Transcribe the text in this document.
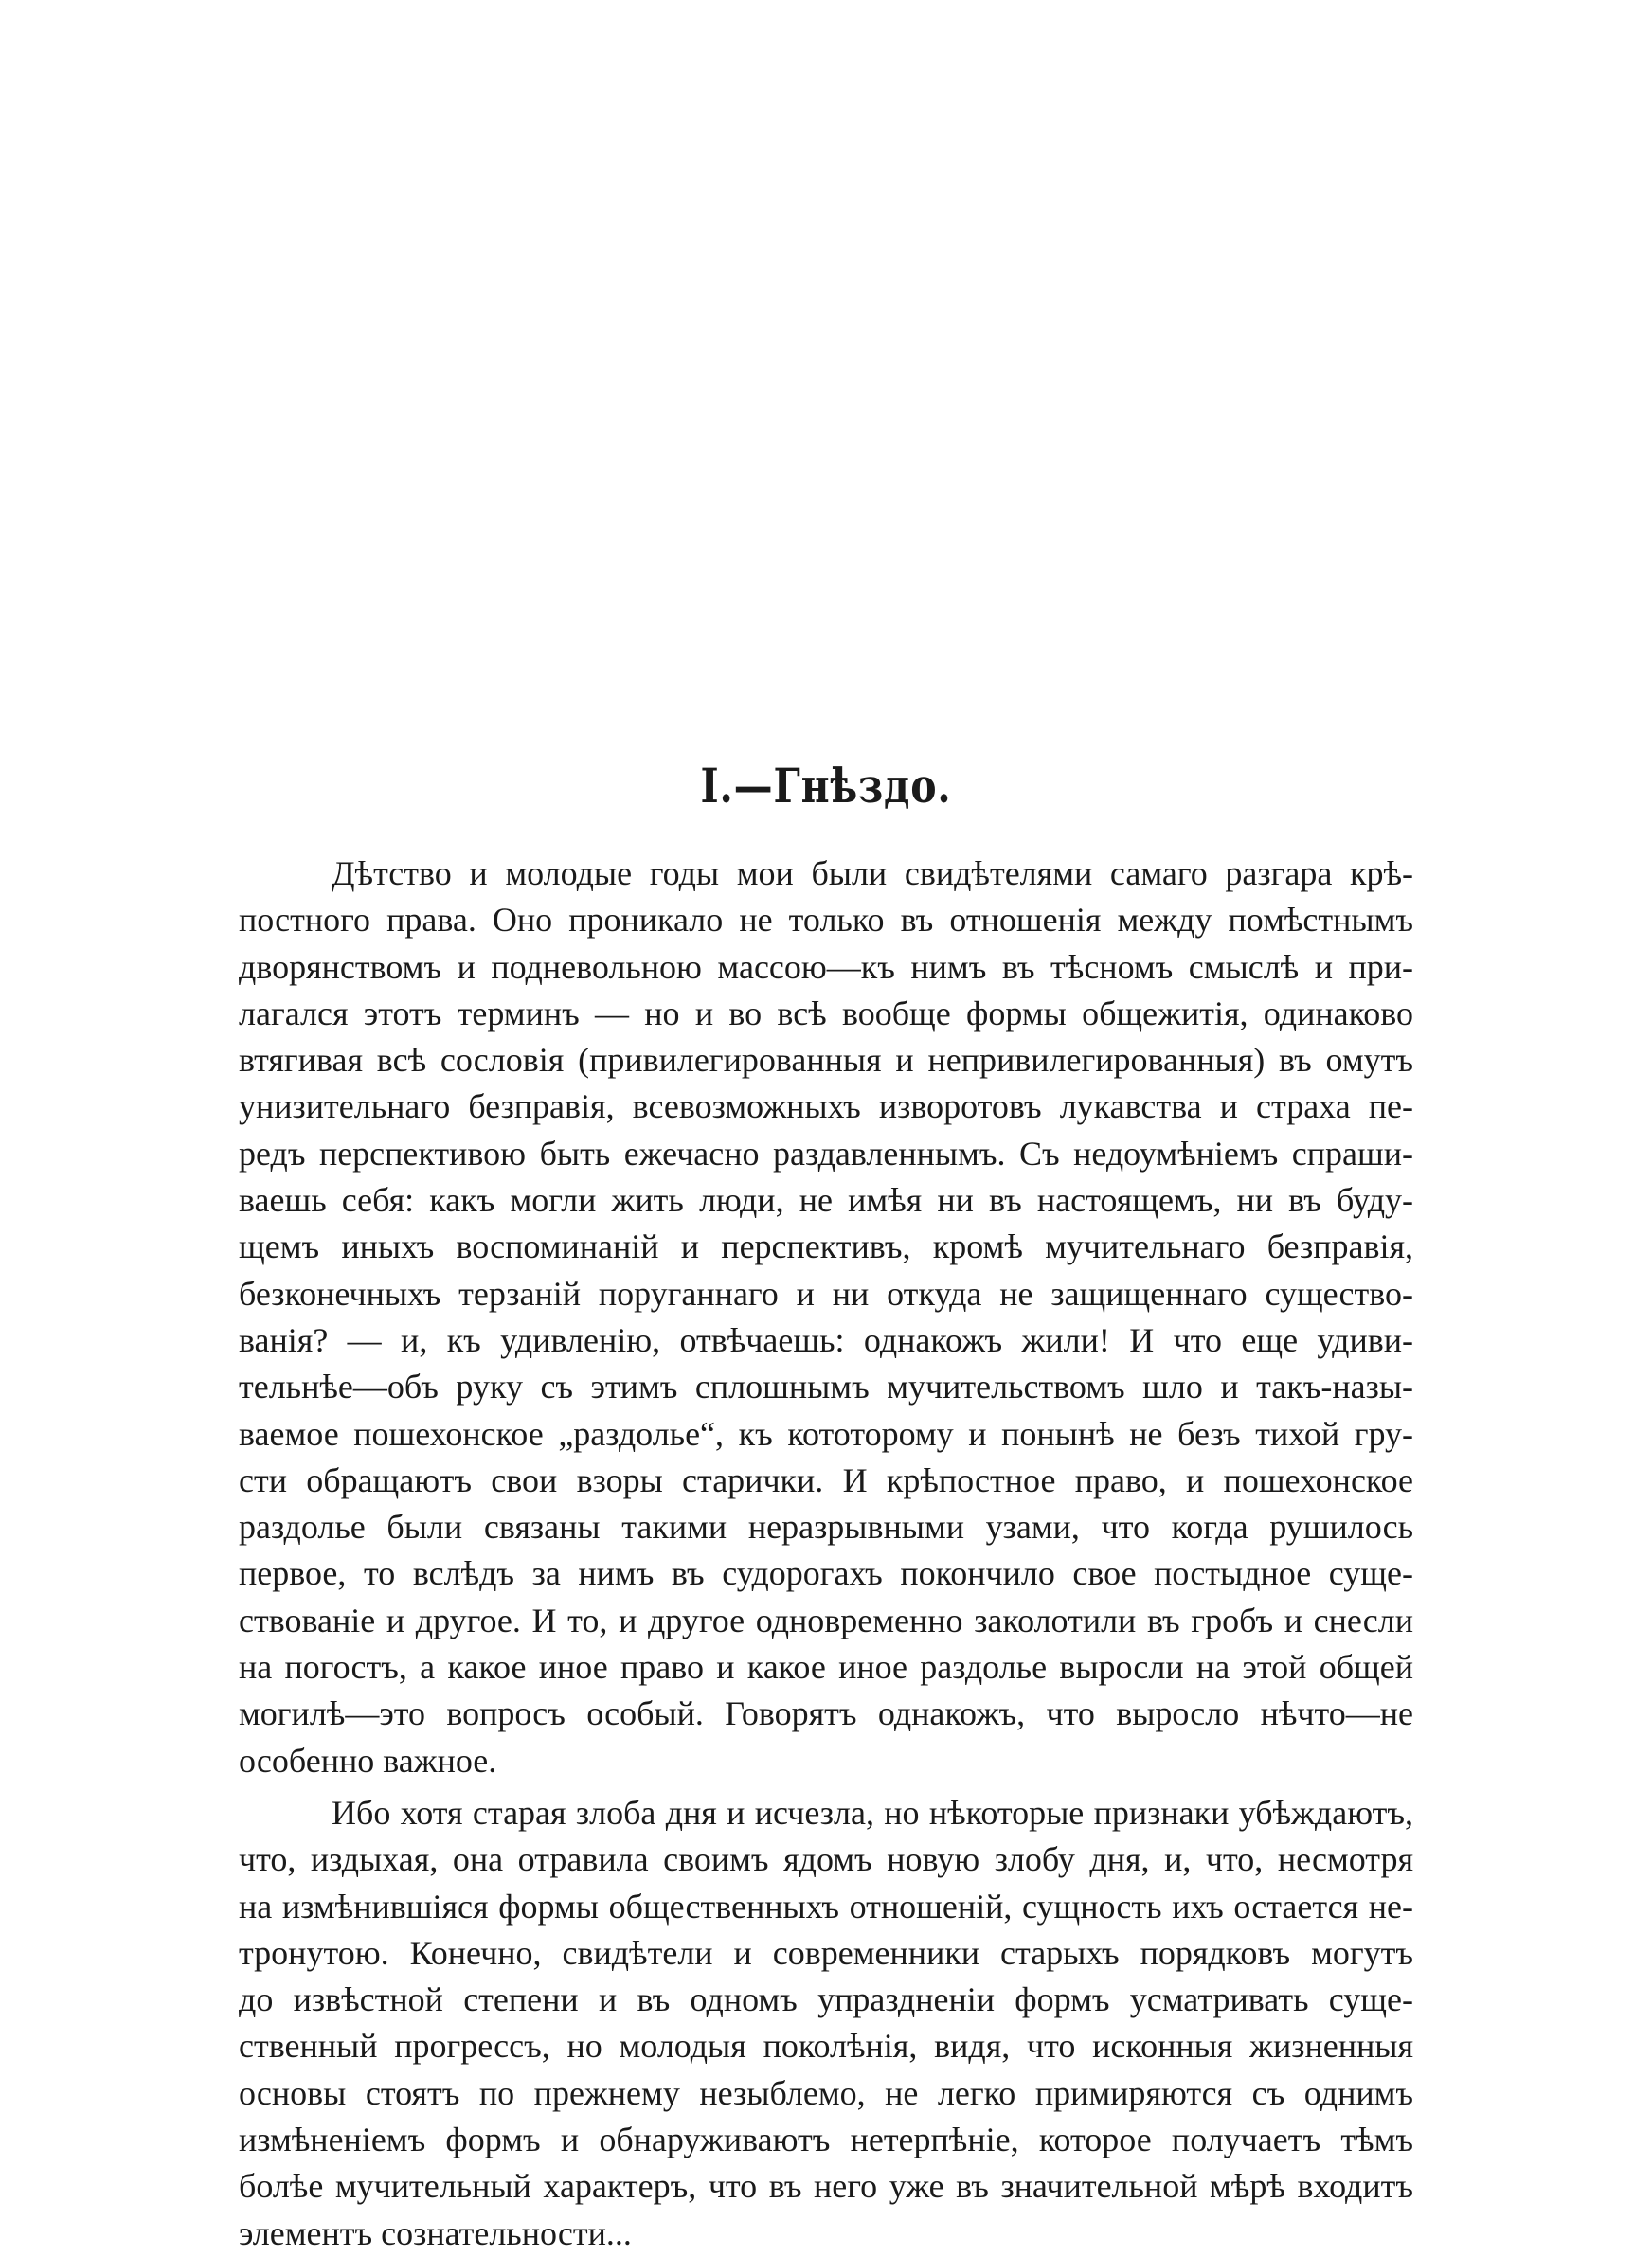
I.—Гнѣздо.
Дѣтство и молодые годы мои были свидѣтелями самаго разгара крѣ-
постного права. Оно проникало не только въ отношенія между помѣстнымъ
дворянствомъ и подневольною массою—къ нимъ въ тѣсномъ смыслѣ и при-
лагался этотъ терминъ — но и во всѣ вообще формы общежитія, одинаково
втягивая всѣ сословія (привилегированныя и непривилегированныя) въ омутъ
унизительнаго безправія, всевозможныхъ изворотовъ лукавства и страха пе-
редъ перспективою быть ежечасно раздавленнымъ. Съ недоумѣніемъ спраши-
ваешь себя: какъ могли жить люди, не имѣя ни въ настоящемъ, ни въ буду-
щемъ иныхъ воспоминаній и перспективъ, кромѣ мучительнаго безправія,
безконечныхъ терзаній поруганнаго и ни откуда не защищеннаго существо-
ванія? — и, къ удивленію, отвѣчаешь: однакожъ жили! И что еще удиви-
тельнѣе—объ руку съ этимъ сплошнымъ мучительствомъ шло и такъ-назы-
ваемое пошехонское „раздолье“, къ кототорому и понынѣ не безъ тихой гру-
сти обращаютъ свои взоры старички. И крѣпостное право, и пошехонское
раздолье были связаны такими неразрывными узами, что когда рушилось
первое, то вслѣдъ за нимъ въ судорогахъ покончило свое постыдное суще-
ствованіе и другое. И то, и другое одновременно заколотили въ гробъ и снесли
на погостъ, а какое иное право и какое иное раздолье выросли на этой общей
могилѣ—это вопросъ особый. Говорятъ однакожъ, что выросло нѣчто—не
особенно важное.
Ибо хотя старая злоба дня и исчезла, но нѣкоторые признаки убѣждаютъ,
что, издыхая, она отравила своимъ ядомъ новую злобу дня, и, что, несмотря
на измѣнившіяся формы общественныхъ отношеній, сущность ихъ остается не-
тронутою. Конечно, свидѣтели и современники старыхъ порядковъ могутъ
до извѣстной степени и въ одномъ упраздненіи формъ усматривать суще-
ственный прогрессъ, но молодыя поколѣнія, видя, что исконныя жизненныя
основы стоятъ по прежнему незыблемо, не легко примиряются съ однимъ
измѣненіемъ формъ и обнаруживаютъ нетерпѣніе, которое получаетъ тѣмъ
болѣе мучительный характеръ, что въ него уже въ значительной мѣрѣ входитъ
элементъ сознательности...
